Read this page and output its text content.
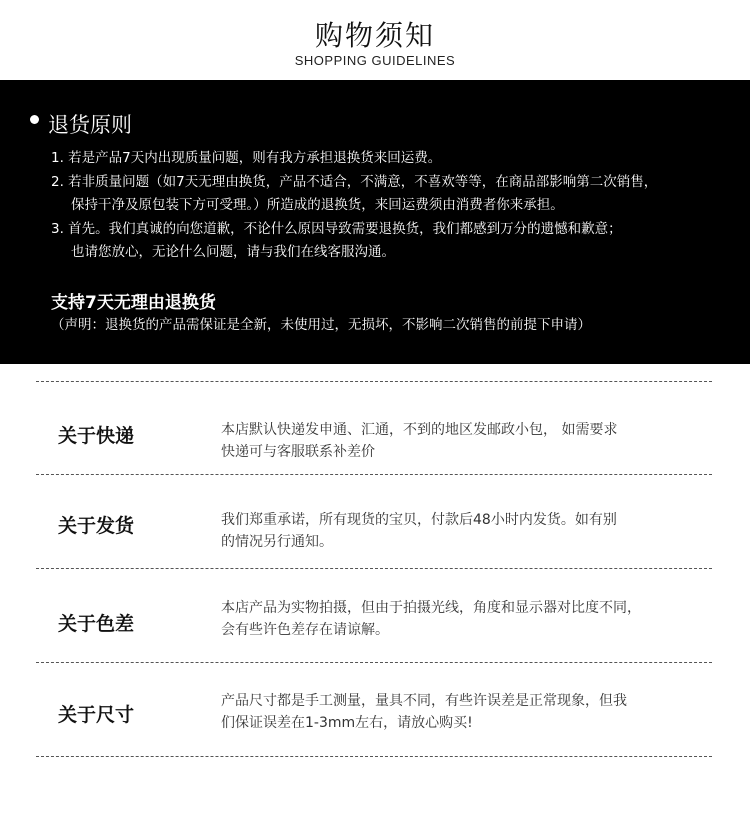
购物须知
SHOPPING GUIDELINES
退货原则
1. 若是产品7天内出现质量问题，则有我方承担退换货来回运费。
2. 若非质量问题（如7天无理由换货，产品不适合，不满意，不喜欢等等，在商品部影响第二次销售，
保持干净及原包装下方可受理。）所造成的退换货，来回运费须由消费者你来承担。
3. 首先。我们真诚的向您道歉，不论什么原因导致需要退换货，我们都感到万分的遗憾和歉意；
也请您放心，无论什么问题，请与我们在线客服沟通。
支持7天无理由退换货
（声明：退换货的产品需保证是全新，未使用过，无损坏，不影响二次销售的前提下申请）
关于快递	本店默认快递发申通、汇通，不到的地区发邮政小包， 如需要求
快递可与客服联系补差价
关于发货	我们郑重承诺，所有现货的宝贝，付款后48小时内发货。如有别
的情况另行通知。
关于色差
本店产品为实物拍摄，但由于拍摄光线，角度和显示器对比度不同，
会有些许色差存在请谅解。
关于尺寸
产品尺寸都是手工测量，量具不同，有些许误差是正常现象，但我
们保证误差在1-3mm左右，请放心购买!
